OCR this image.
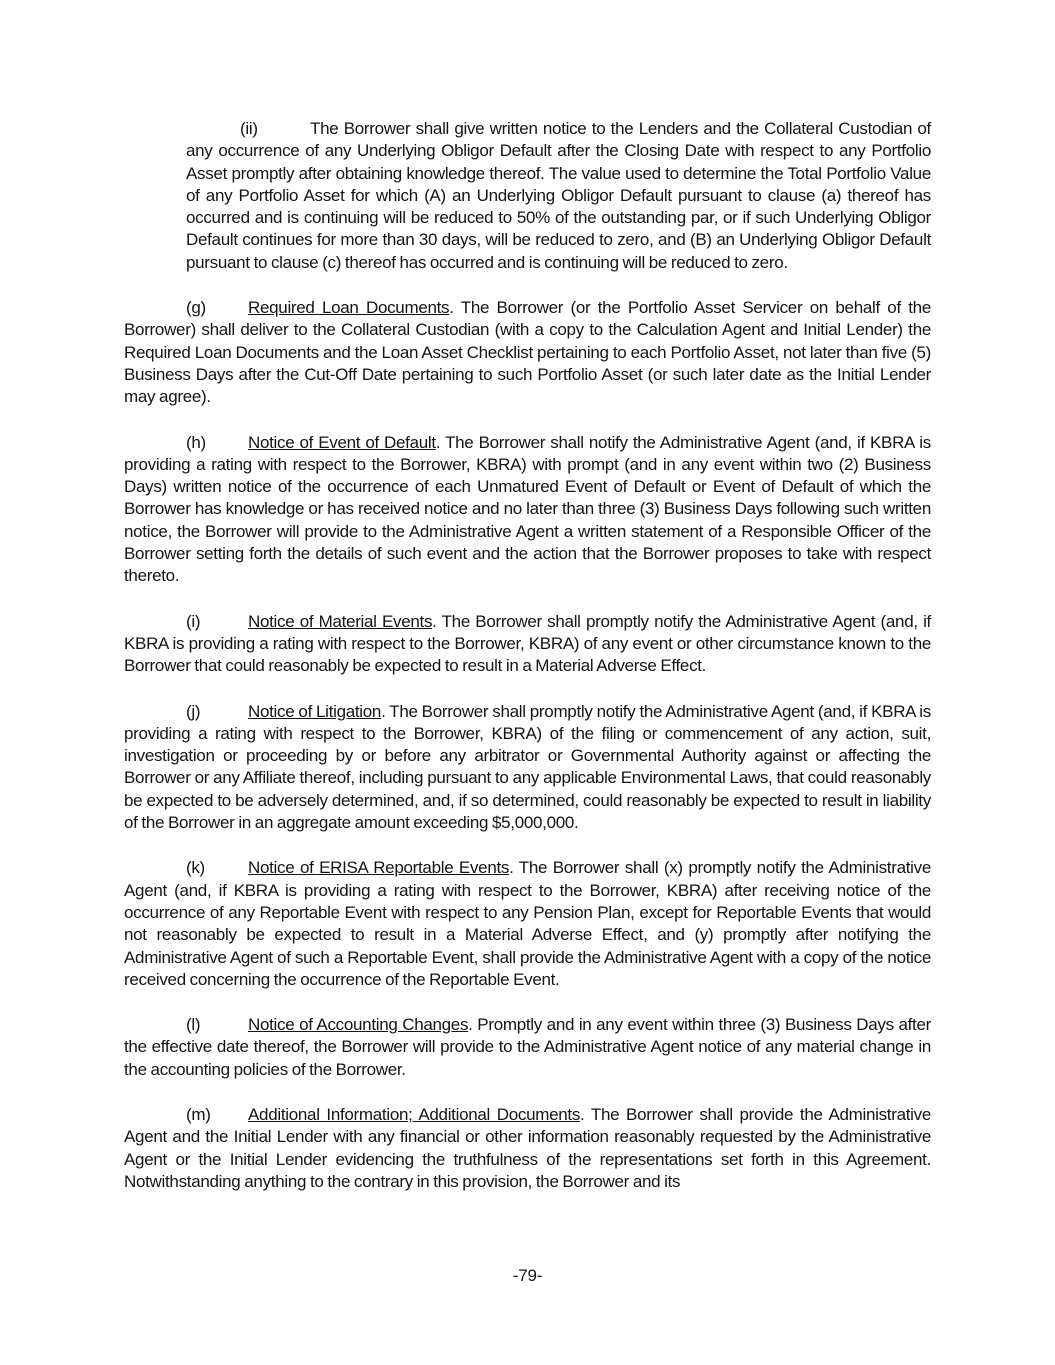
(ii)	The Borrower shall give written notice to the Lenders and the Collateral Custodian of any occurrence of any Underlying Obligor Default after the Closing Date with respect to any Portfolio Asset promptly after obtaining knowledge thereof. The value used to determine the Total Portfolio Value of any Portfolio Asset for which (A) an Underlying Obligor Default pursuant to clause (a) thereof has occurred and is continuing will be reduced to 50% of the outstanding par, or if such Underlying Obligor Default continues for more than 30 days, will be reduced to zero, and (B) an Underlying Obligor Default pursuant to clause (c) thereof has occurred and is continuing will be reduced to zero.

(g) Required Loan Documents. The Borrower (or the Portfolio Asset Servicer on behalf of the Borrower) shall deliver to the Collateral Custodian (with a copy to the Calculation Agent and Initial Lender) the Required Loan Documents and the Loan Asset Checklist pertaining to each Portfolio Asset, not later than five (5) Business Days after the Cut-Off Date pertaining to such Portfolio Asset (or such later date as the Initial Lender may agree).

(h) Notice of Event of Default. The Borrower shall notify the Administrative Agent (and, if KBRA is providing a rating with respect to the Borrower, KBRA) with prompt (and in any event within two (2) Business Days) written notice of the occurrence of each Unmatured Event of Default or Event of Default of which the Borrower has knowledge or has received notice and no later than three (3) Business Days following such written notice, the Borrower will provide to the Administrative Agent a written statement of a Responsible Officer of the Borrower setting forth the details of such event and the action that the Borrower proposes to take with respect thereto.

(i)	Notice of Material Events. The Borrower shall promptly notify the Administrative Agent (and, if KBRA is providing a rating with respect to the Borrower, KBRA) of any event or other circumstance known to the Borrower that could reasonably be expected to result in a Material Adverse Effect.

(j)	Notice of Litigation. The Borrower shall promptly notify the Administrative Agent (and, if KBRA is providing a rating with respect to the Borrower, KBRA) of the filing or commencement of any action, suit, investigation or proceeding by or before any arbitrator or Governmental Authority against or affecting the Borrower or any Affiliate thereof, including pursuant to any applicable Environmental Laws, that could reasonably be expected to be adversely determined, and, if so determined, could reasonably be expected to result in liability of the Borrower in an aggregate amount exceeding $5,000,000.

(k)	Notice of ERISA Reportable Events. The Borrower shall (x) promptly notify the Administrative Agent (and, if KBRA is providing a rating with respect to the Borrower, KBRA) after receiving notice of the occurrence of any Reportable Event with respect to any Pension Plan, except for Reportable Events that would not reasonably be expected to result in a Material Adverse Effect, and (y) promptly after notifying the Administrative Agent of such a Reportable Event, shall provide the Administrative Agent with a copy of the notice received concerning the occurrence of the Reportable Event.

(l)	Notice of Accounting Changes. Promptly and in any event within three (3) Business Days after the effective date thereof, the Borrower will provide to the Administrative Agent notice of any material change in the accounting policies of the Borrower.

(m) Additional Information; Additional Documents. The Borrower shall provide the Administrative Agent and the Initial Lender with any financial or other information reasonably requested by the Administrative Agent or the Initial Lender evidencing the truthfulness of the representations set forth in this Agreement. Notwithstanding anything to the contrary in this provision, the Borrower and its

-79-
